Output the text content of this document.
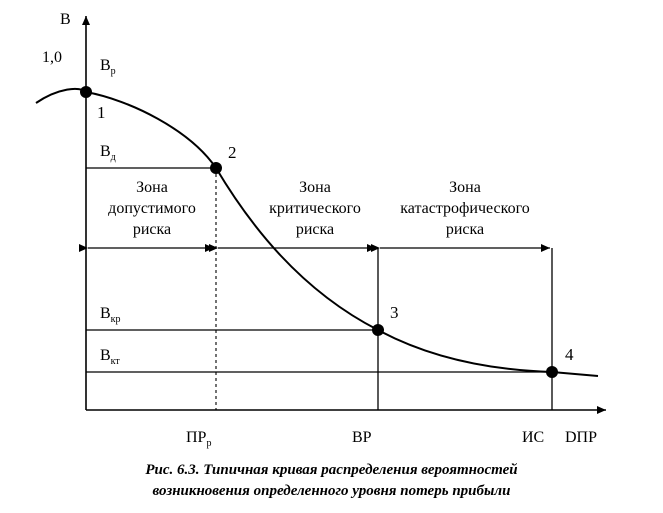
1
2
3
4
В
1,0
DПР
$В_р$
$В_д$
$В_{кр}$
$В_{кт}$
$ПР_р$	ВР	ИС
Зона
допустимого
риска
Зона
критического
риска
Зона
катастрофического
риска
Рис. 6.3. Типичная кривая распределения вероятностей
возникновения определенного уровня потерь прибыли
